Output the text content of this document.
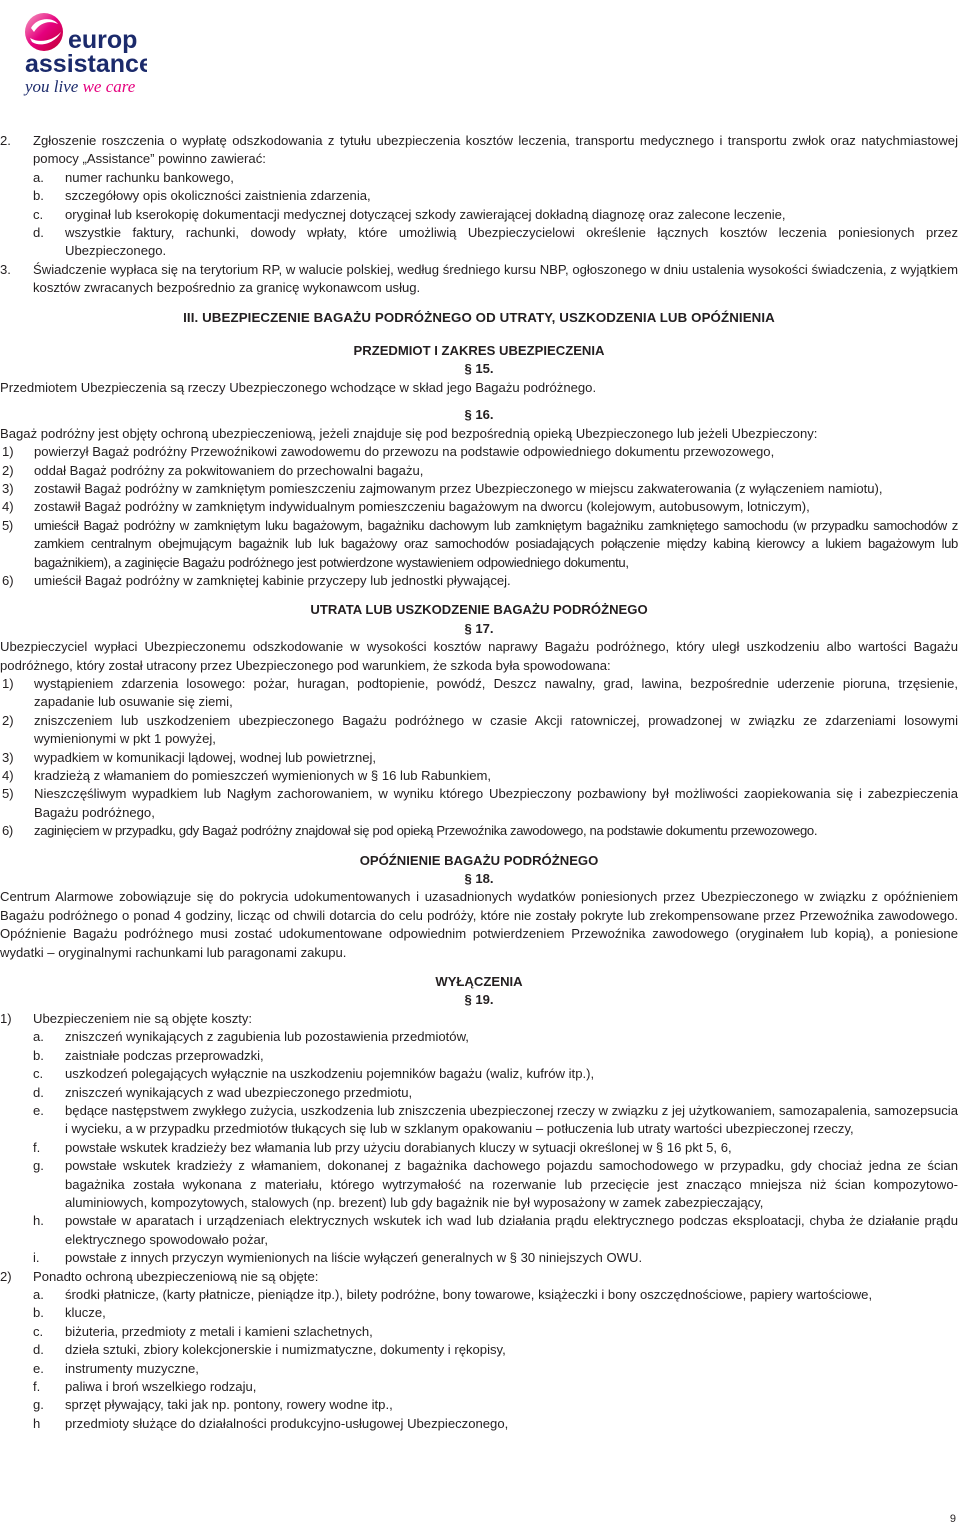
europ
assistance
you live we care
2.	Zgłoszenie roszczenia o wypłatę odszkodowania z tytułu ubezpieczenia kosztów leczenia, transportu medycznego i transportu zwłok oraz natychmiastowej pomocy „Assistance” powinno zawierać:
a.	numer rachunku bankowego,
b.	szczegółowy opis okoliczności zaistnienia zdarzenia,
c.	oryginał lub kserokopię dokumentacji medycznej dotyczącej szkody zawierającej dokładną diagnozę oraz zalecone leczenie,
d.	wszystkie faktury, rachunki, dowody wpłaty, które umożliwią Ubezpieczycielowi określenie łącznych kosztów leczenia poniesionych przez Ubezpieczonego.
3.	Świadczenie wypłaca się na terytorium RP, w walucie polskiej, według średniego kursu NBP, ogłoszonego w dniu ustalenia wysokości świadczenia, z wyjątkiem kosztów zwracanych bezpośrednio za granicę wykonawcom usług.
III. UBEZPIECZENIE BAGAŻU PODRÓŻNEGO OD UTRATY, USZKODZENIA LUB OPÓŹNIENIA
PRZEDMIOT I ZAKRES UBEZPIECZENIA
§ 15.
Przedmiotem Ubezpieczenia są rzeczy Ubezpieczonego wchodzące w skład jego Bagażu podróżnego.
§ 16.
Bagaż podróżny jest objęty ochroną ubezpieczeniową, jeżeli znajduje się pod bezpośrednią opieką Ubezpieczonego lub jeżeli Ubezpieczony:
1)	powierzył Bagaż podróżny Przewoźnikowi zawodowemu do przewozu na podstawie odpowiedniego dokumentu przewozowego,
2)	oddał Bagaż podróżny za pokwitowaniem do przechowalni bagażu,
3)	zostawił Bagaż podróżny w zamkniętym pomieszczeniu zajmowanym przez Ubezpieczonego w miejscu zakwaterowania (z wyłączeniem namiotu),
4)	zostawił Bagaż podróżny w zamkniętym indywidualnym pomieszczeniu bagażowym na dworcu (kolejowym, autobusowym, lotniczym),
5)	umieścił Bagaż podróżny w zamkniętym luku bagażowym, bagażniku dachowym lub zamkniętym bagażniku zamkniętego samochodu (w przypadku samochodów z zamkiem centralnym obejmującym bagażnik lub luk bagażowy oraz samochodów posiadających połączenie między kabiną kierowcy a lukiem bagażowym lub bagażnikiem), a zaginięcie Bagażu podróżnego jest potwierdzone wystawieniem odpowiedniego dokumentu,
6)	umieścił Bagaż podróżny w zamkniętej kabinie przyczepy lub jednostki pływającej.
UTRATA LUB USZKODZENIE BAGAŻU PODRÓŻNEGO
§ 17.
Ubezpieczyciel wypłaci Ubezpieczonemu odszkodowanie w wysokości kosztów naprawy Bagażu podróżnego, który uległ uszkodzeniu albo wartości Bagażu podróżnego, który został utracony przez Ubezpieczonego pod warunkiem, że szkoda była spowodowana:
1)	wystąpieniem zdarzenia losowego: pożar, huragan, podtopienie, powódź, Deszcz nawalny, grad, lawina, bezpośrednie uderzenie pioruna, trzęsienie, zapadanie lub osuwanie się ziemi,
2)	zniszczeniem lub uszkodzeniem ubezpieczonego Bagażu podróżnego w czasie Akcji ratowniczej, prowadzonej w związku ze zdarzeniami losowymi wymienionymi w pkt 1 powyżej,
3)	wypadkiem w komunikacji lądowej, wodnej lub powietrznej,
4)	kradzieżą z włamaniem do pomieszczeń wymienionych w § 16 lub Rabunkiem,
5)	Nieszczęśliwym wypadkiem lub Nagłym zachorowaniem, w wyniku którego Ubezpieczony pozbawiony był możliwości zaopiekowania się i zabezpieczenia Bagażu podróżnego,
6)	zaginięciem w przypadku, gdy Bagaż podróżny znajdował się pod opieką Przewoźnika zawodowego, na podstawie dokumentu przewozowego.
OPÓŹNIENIE BAGAŻU PODRÓŻNEGO
§ 18.
Centrum Alarmowe zobowiązuje się do pokrycia udokumentowanych i uzasadnionych wydatków poniesionych przez Ubezpieczonego w związku z opóźnieniem Bagażu podróżnego o ponad 4 godziny, licząc od chwili dotarcia do celu podróży, które nie zostały pokryte lub zrekompensowane przez Przewoźnika zawodowego. Opóźnienie Bagażu podróżnego musi zostać udokumentowane odpowiednim potwierdzeniem Przewoźnika zawodowego (oryginałem lub kopią), a poniesione wydatki – oryginalnymi rachunkami lub paragonami zakupu.
WYŁĄCZENIA
§ 19.
1)	Ubezpieczeniem nie są objęte koszty:
a.	zniszczeń wynikających z zagubienia lub pozostawienia przedmiotów,
b.	zaistniałe podczas przeprowadzki,
c.	uszkodzeń polegających wyłącznie na uszkodzeniu pojemników bagażu (waliz, kufrów itp.),
d.	zniszczeń wynikających z wad ubezpieczonego przedmiotu,
e.	będące następstwem zwykłego zużycia, uszkodzenia lub zniszczenia ubezpieczonej rzeczy w związku z jej użytkowaniem, samozapalenia, samozepsucia i wycieku, a w przypadku przedmiotów tłukących się lub w szklanym opakowaniu – potłuczenia lub utraty wartości ubezpieczonej rzeczy,
f.	powstałe wskutek kradzieży bez włamania lub przy użyciu dorabianych kluczy w sytuacji określonej w § 16 pkt 5, 6,
g.	powstałe wskutek kradzieży z włamaniem, dokonanej z bagażnika dachowego pojazdu samochodowego w przypadku, gdy chociaż jedna ze ścian bagażnika została wykonana z materiału, którego wytrzymałość na rozerwanie lub przecięcie jest znacząco mniejsza niż ścian kompozytowo-aluminiowych, kompozytowych, stalowych (np. brezent) lub gdy bagażnik nie był wyposażony w zamek zabezpieczający,
h.	powstałe w aparatach i urządzeniach elektrycznych wskutek ich wad lub działania prądu elektrycznego podczas eksploatacji, chyba że działanie prądu elektrycznego spowodowało pożar,
i.	powstałe z innych przyczyn wymienionych na liście wyłączeń generalnych w § 30 niniejszych OWU.
2)	Ponadto ochroną ubezpieczeniową nie są objęte:
a.	środki płatnicze, (karty płatnicze, pieniądze itp.), bilety podróżne, bony towarowe, książeczki i bony oszczędnościowe, papiery wartościowe,
b.	klucze,
c.	biżuteria, przedmioty z metali i kamieni szlachetnych,
d.	dzieła sztuki, zbiory kolekcjonerskie i numizmatyczne, dokumenty i rękopisy,
e.	instrumenty muzyczne,
f.	paliwa i broń wszelkiego rodzaju,
g.	sprzęt pływający, taki jak np. pontony, rowery wodne itp.,
h	przedmioty służące do działalności produkcyjno-usługowej Ubezpieczonego,
9
